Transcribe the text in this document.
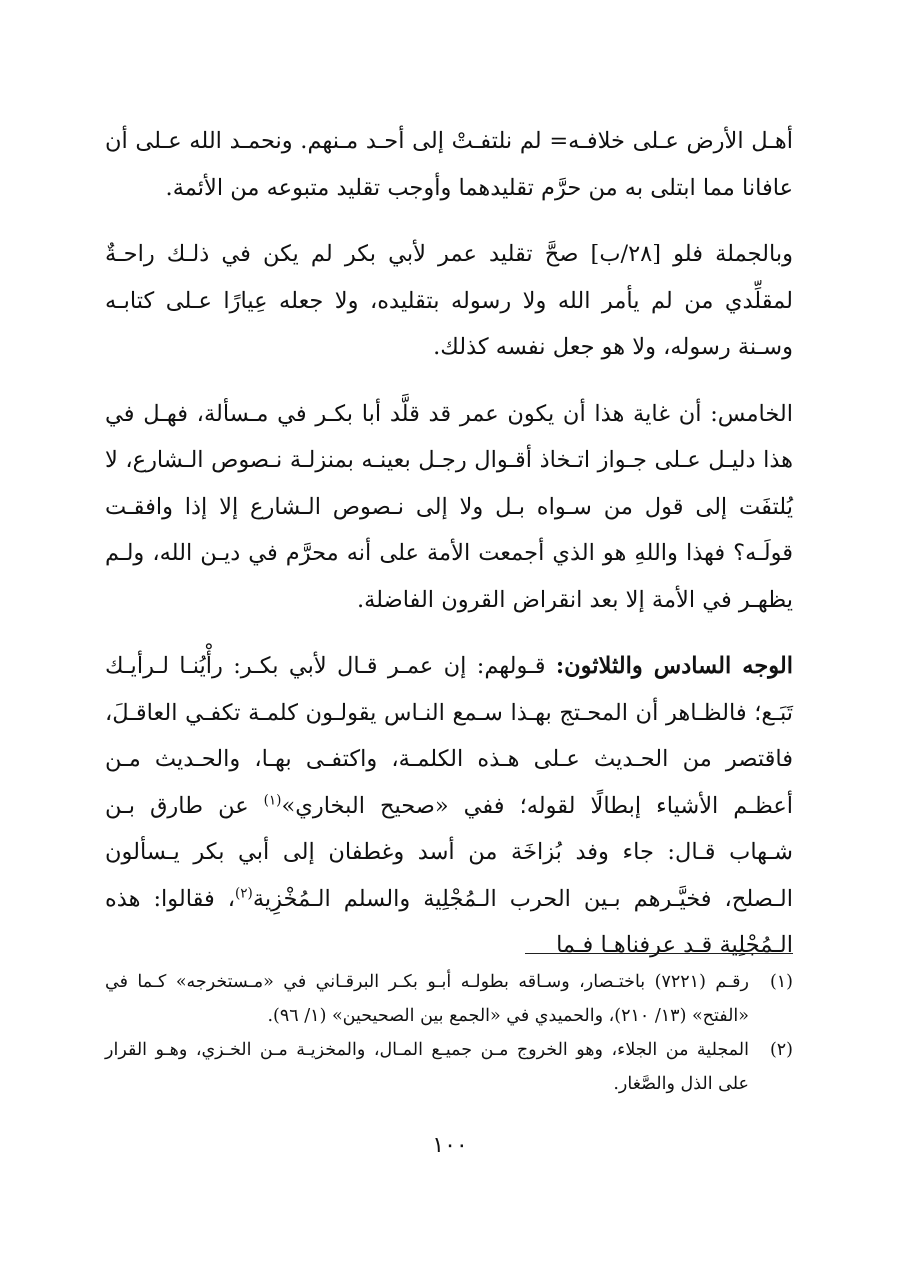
أهـل الأرض عـلى خلافـه= لم نلتفـتْ إلى أحـد مـنهم. ونحمـد الله عـلى أن عافانا مما ابتلى به من حرَّم تقليدهما وأوجب تقليد متبوعه من الأئمة.

وبالجملة فلو [٢٨/ب] صحَّ تقليد عمر لأبي بكر لم يكن في ذلـك راحـةٌ لمقلِّدي من لم يأمر الله ولا رسوله بتقليده، ولا جعله عِيارًا عـلى كتابـه وسـنة رسوله، ولا هو جعل نفسه كذلك.

الخامس: أن غاية هذا أن يكون عمر قد قلَّد أبا بكـر في مـسألة، فهـل في هذا دليـل عـلى جـواز اتـخاذ أقـوال رجـل بعينـه بمنزلـة نـصوص الـشارع، لا يُلتفَت إلى قول من سـواه بـل ولا إلى نـصوص الـشارع إلا إذا وافقـت قولَـه؟ فهذا واللهِ هو الذي أجمعت الأمة على أنه محرَّم في ديـن الله، ولـم يظهـر في الأمة إلا بعد انقراض القرون الفاضلة.

الوجه السادس والثلاثون: قـولهم: إن عمـر قـال لأبي بكـر: رأْيُنـا لـرأيـك تَبَـع؛ فالظـاهر أن المحـتج بهـذا سـمع النـاس يقولـون كلمـة تكفـي العاقـلَ، فاقتصر من الحـديث عـلى هـذه الكلمـة، واكتفـى بهـا، والحـديث مـن أعظـم الأشياء إبطالًا لقوله؛ ففي «صحيح البخاري»$^{(١)}$ عن طارق بـن شـهاب قـال: جاء وفد بُزاخَة من أسد وغطفان إلى أبي بكر يـسألون الـصلح، فخيَّـرهم بـين الحرب الـمُجْلِية والسلم الـمُخْزِية$^{(٢)}$، فقالوا: هذه الـمُجْلِية قـد عرفناهـا فـما

(١)
رقـم (٧٢٢١) باختـصار، وسـاقه بطولـه أبـو بكـر البرقـاني في «مـستخرجه» كـما في «الفتح» (١٣/ ٢١٠)، والحميدي في «الجمع بين الصحيحين» (١/ ٩٦).
(٢)
المجلية من الجلاء، وهو الخروج مـن جميـع المـال، والمخزيـة مـن الخـزي، وهـو القرار على الذل والصَّغار.
١٠٠
